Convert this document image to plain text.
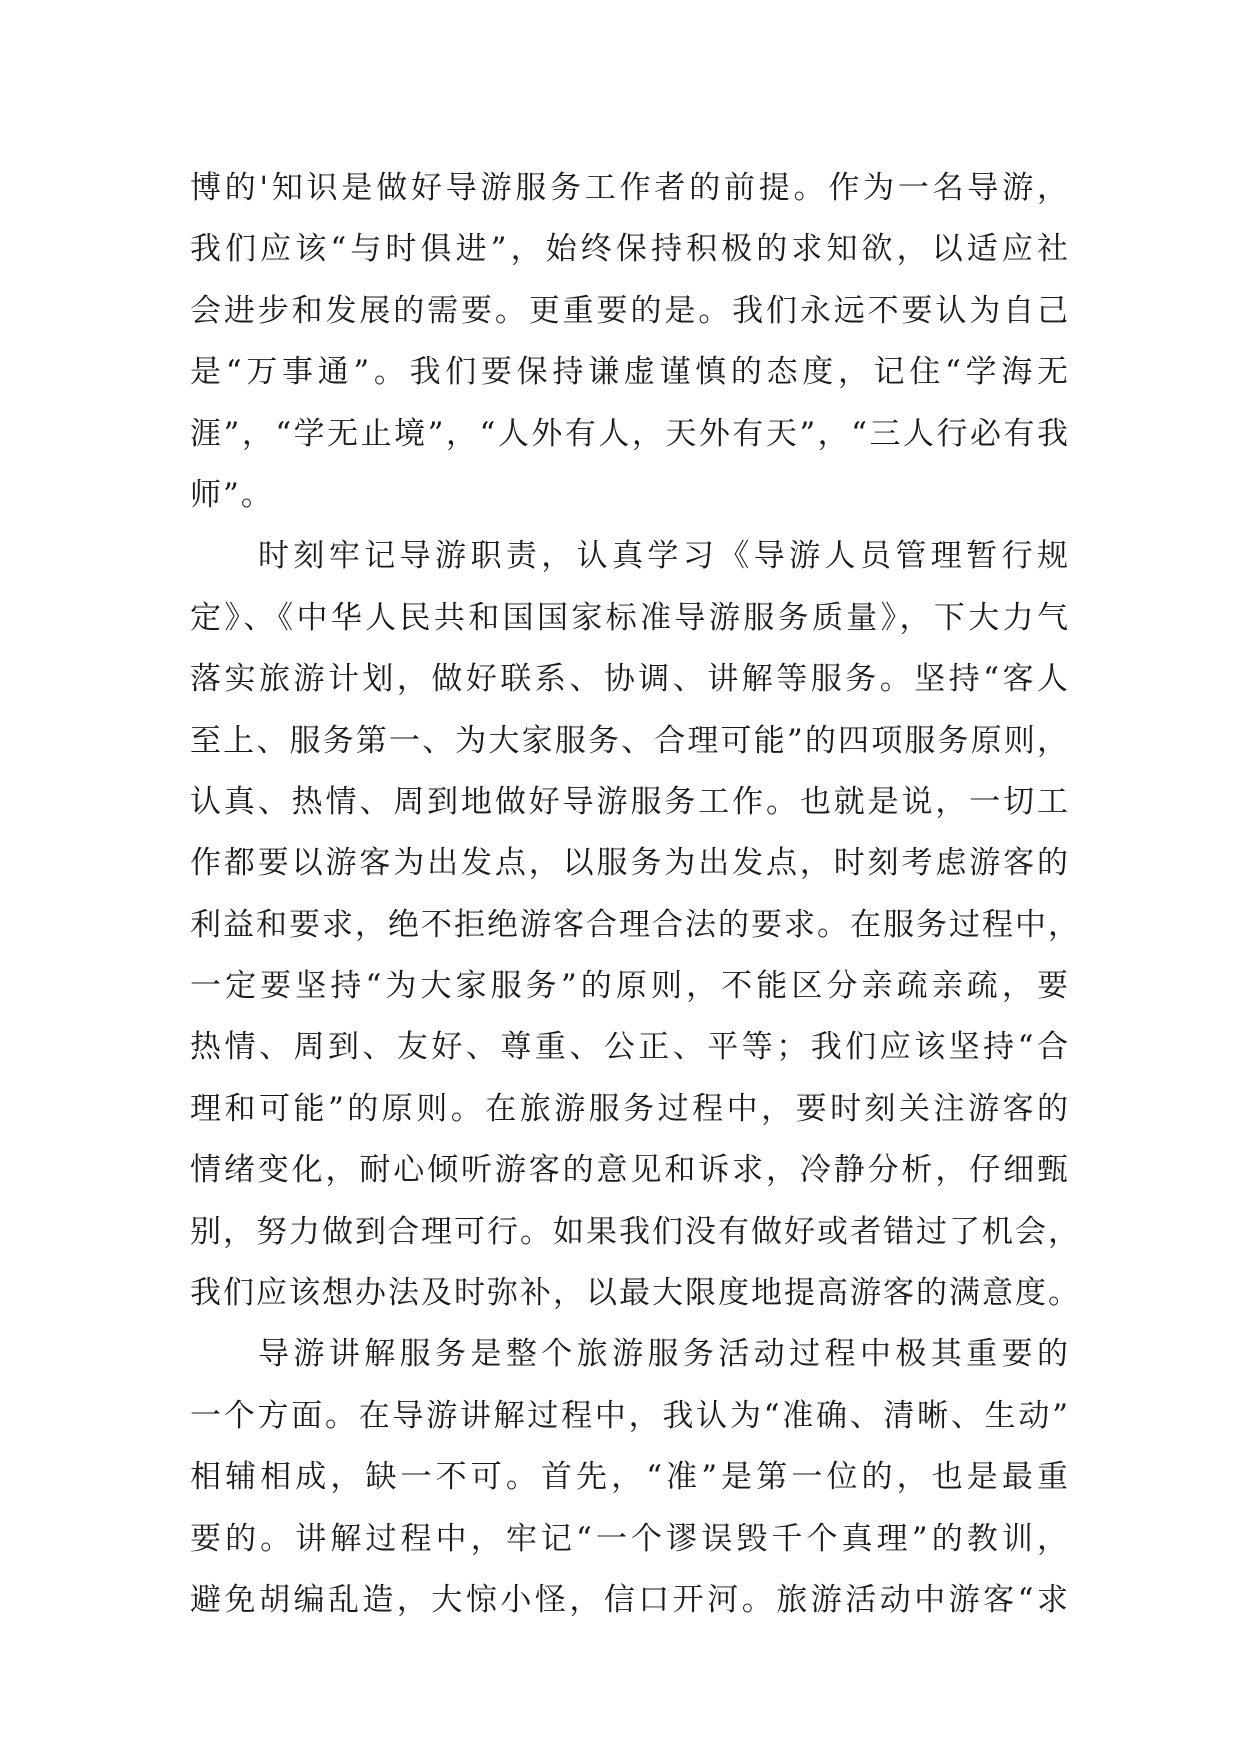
博的'知识是做好导游服务工作者的前提。作为一名导游，
我们应该“与时俱进”，始终保持积极的求知欲，以适应社
会进步和发展的需要。更重要的是。我们永远不要认为自己
是“万事通”。我们要保持谦虚谨慎的态度，记住“学海无
涯”，“学无止境”，“人外有人，天外有天”，“三人行必有我
师”。
时刻牢记导游职责，认真学习《导游人员管理暂行规
定》、《中华人民共和国国家标准导游服务质量》，下大力气
落实旅游计划，做好联系、协调、讲解等服务。坚持“客人
至上、服务第一、为大家服务、合理可能”的四项服务原则，
认真、热情、周到地做好导游服务工作。也就是说，一切工
作都要以游客为出发点，以服务为出发点，时刻考虑游客的
利益和要求，绝不拒绝游客合理合法的要求。在服务过程中，
一定要坚持“为大家服务”的原则，不能区分亲疏亲疏，要
热情、周到、友好、尊重、公正、平等；我们应该坚持“合
理和可能”的原则。在旅游服务过程中，要时刻关注游客的
情绪变化，耐心倾听游客的意见和诉求，冷静分析，仔细甄
别，努力做到合理可行。如果我们没有做好或者错过了机会，
我们应该想办法及时弥补，以最大限度地提高游客的满意度。
导游讲解服务是整个旅游服务活动过程中极其重要的
一个方面。在导游讲解过程中，我认为“准确、清晰、生动”
相辅相成，缺一不可。首先，“准”是第一位的，也是最重
要的。讲解过程中，牢记“一个谬误毁千个真理”的教训，
避免胡编乱造，大惊小怪，信口开河。旅游活动中游客“求
